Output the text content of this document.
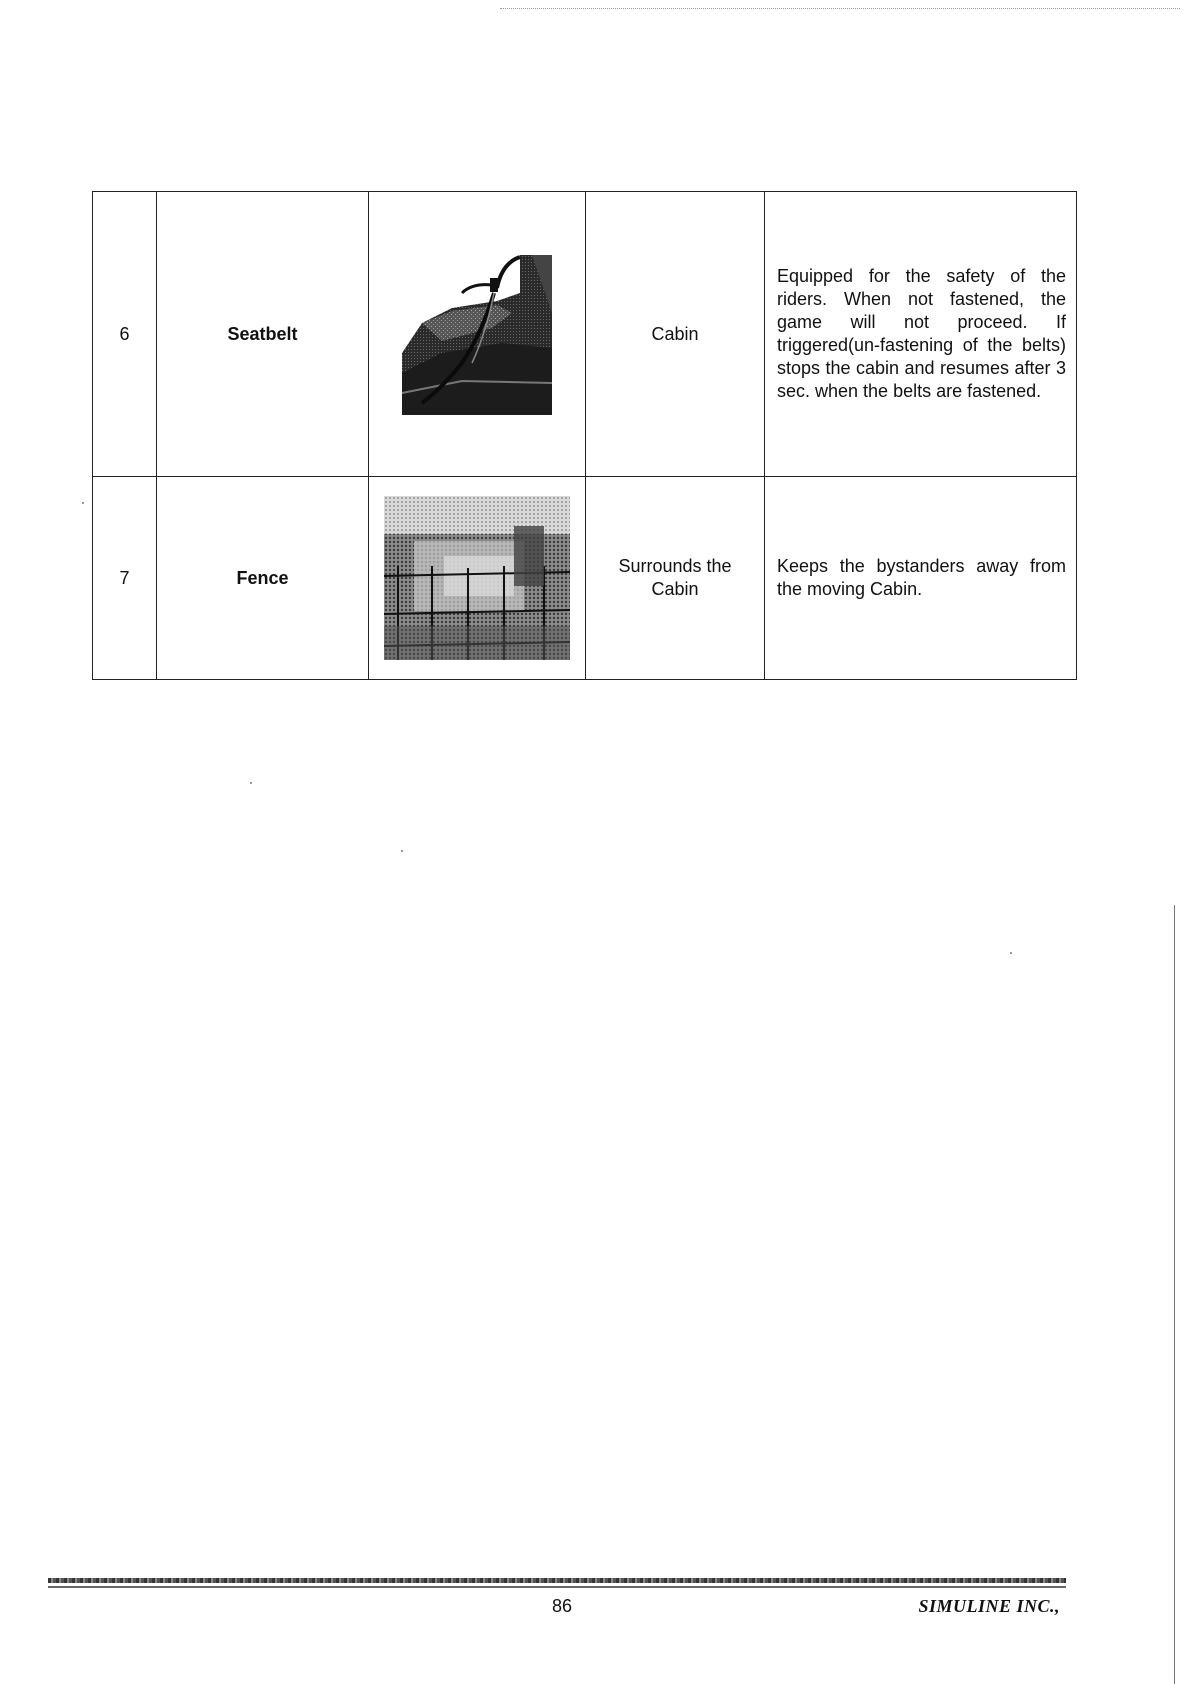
6	Seatbelt		Cabin	Equipped for the safety of the riders. When not fastened, the game will not proceed. If triggered(un-fastening of the belts) stops the cabin and resumes after 3 sec. when the belts are fastened.

7	Fence		Surrounds the Cabin	Keeps the bystanders away from the moving Cabin.
86	SIMULINE INC.,
